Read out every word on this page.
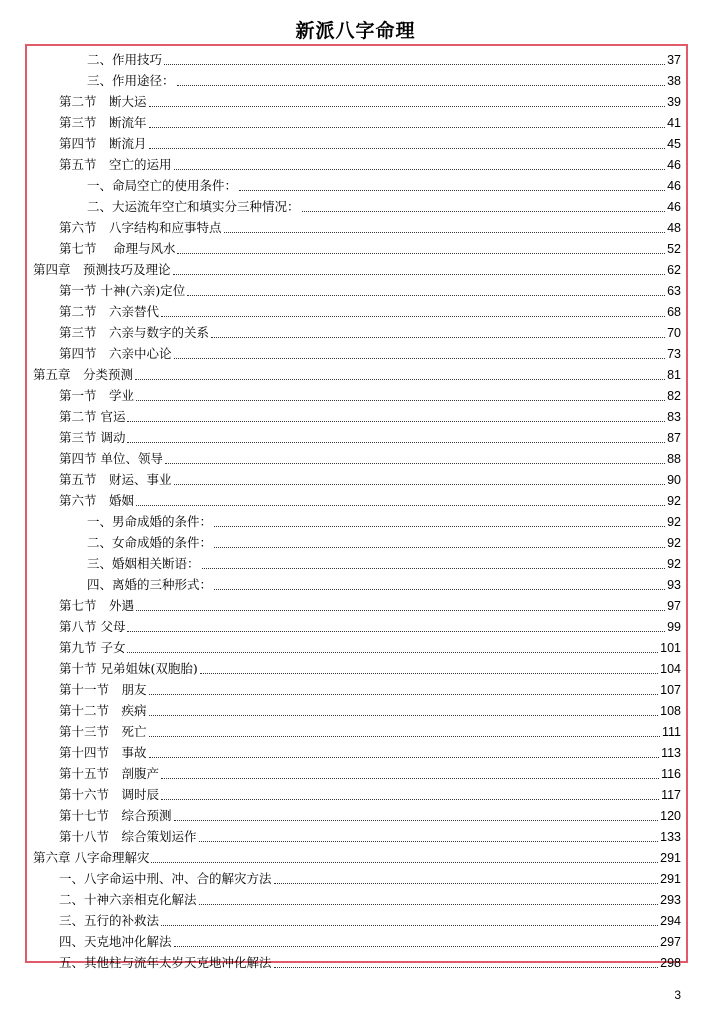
新派八字命理
二、作用技巧	37
三、作用途径：	38
第二节　断大运	39
第三节　断流年	41
第四节　断流月	45
第五节　空亡的运用	46
一、命局空亡的使用条件：	46
二、大运流年空亡和填实分三种情况：	46
第六节　八字结构和应事特点	48
第七节　 命理与风水	52
第四章　预测技巧及理论	62
第一节 十神(六亲)定位	63
第二节　六亲替代	68
第三节　六亲与数字的关系	70
第四节　六亲中心论	73
第五章　分类预测	81
第一节　学业	82
第二节 官运	83
第三节 调动	87
第四节 单位、领导	88
第五节　财运、事业	90
第六节　婚姻	92
一、男命成婚的条件：	92
二、女命成婚的条件：	92
三、婚姻相关断语：	92
四、离婚的三种形式：	93
第七节　外遇	97
第八节 父母	99
第九节 子女	101
第十节 兄弟姐妹(双胞胎)	104
第十一节　朋友	107
第十二节　疾病	108
第十三节　死亡	111
第十四节　事故	113
第十五节　剖腹产	116
第十六节　调时辰	117
第十七节　综合预测	120
第十八节　综合策划运作	133
第六章 八字命理解灾	291
一、八字命运中刑、冲、合的解灾方法	291
二、十神六亲相克化解法	293
三、五行的补救法	294
四、天克地冲化解法	297
五、其他柱与流年太岁天克地冲化解法	298
3
